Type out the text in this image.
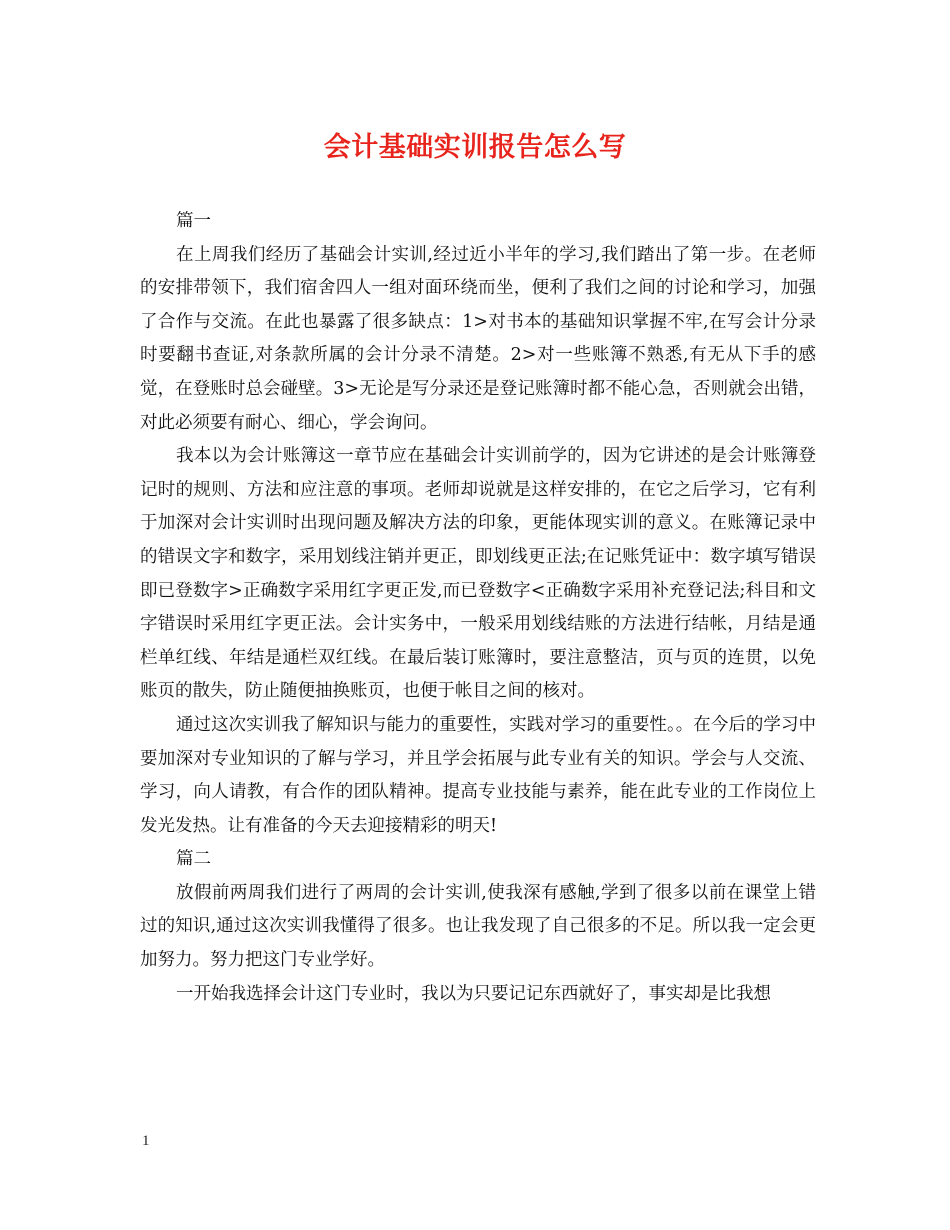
会计基础实训报告怎么写

篇一

在上周我们经历了基础会计实训,经过近小半年的学习,我们踏出了第一步。在老师的安排带领下，我们宿舍四人一组对面环绕而坐，便利了我们之间的讨论和学习，加强了合作与交流。在此也暴露了很多缺点：1>对书本的基础知识掌握不牢,在写会计分录时要翻书查证,对条款所属的会计分录不清楚。2>对一些账簿不熟悉,有无从下手的感觉，在登账时总会碰壁。3>无论是写分录还是登记账簿时都不能心急，否则就会出错，对此必须要有耐心、细心，学会询问。

我本以为会计账簿这一章节应在基础会计实训前学的，因为它讲述的是会计账簿登记时的规则、方法和应注意的事项。老师却说就是这样安排的，在它之后学习，它有利于加深对会计实训时出现问题及解决方法的印象，更能体现实训的意义。在账簿记录中的错误文字和数字，采用划线注销并更正，即划线更正法;在记账凭证中：数字填写错误即已登数字>正确数字采用红字更正发,而已登数字<正确数字采用补充登记法;科目和文字错误时采用红字更正法。会计实务中，一般采用划线结账的方法进行结帐，月结是通栏单红线、年结是通栏双红线。在最后装订账簿时，要注意整洁，页与页的连贯，以免账页的散失，防止随便抽换账页，也便于帐目之间的核对。

通过这次实训我了解知识与能力的重要性，实践对学习的重要性。。在今后的学习中要加深对专业知识的了解与学习，并且学会拓展与此专业有关的知识。学会与人交流、学习，向人请教，有合作的团队精神。提高专业技能与素养，能在此专业的工作岗位上发光发热。让有准备的今天去迎接精彩的明天!

篇二

放假前两周我们进行了两周的会计实训,使我深有感触,学到了很多以前在课堂上错过的知识,通过这次实训我懂得了很多。也让我发现了自己很多的不足。所以我一定会更加努力。努力把这门专业学好。

一开始我选择会计这门专业时，我以为只要记记东西就好了，事实却是比我想

1
